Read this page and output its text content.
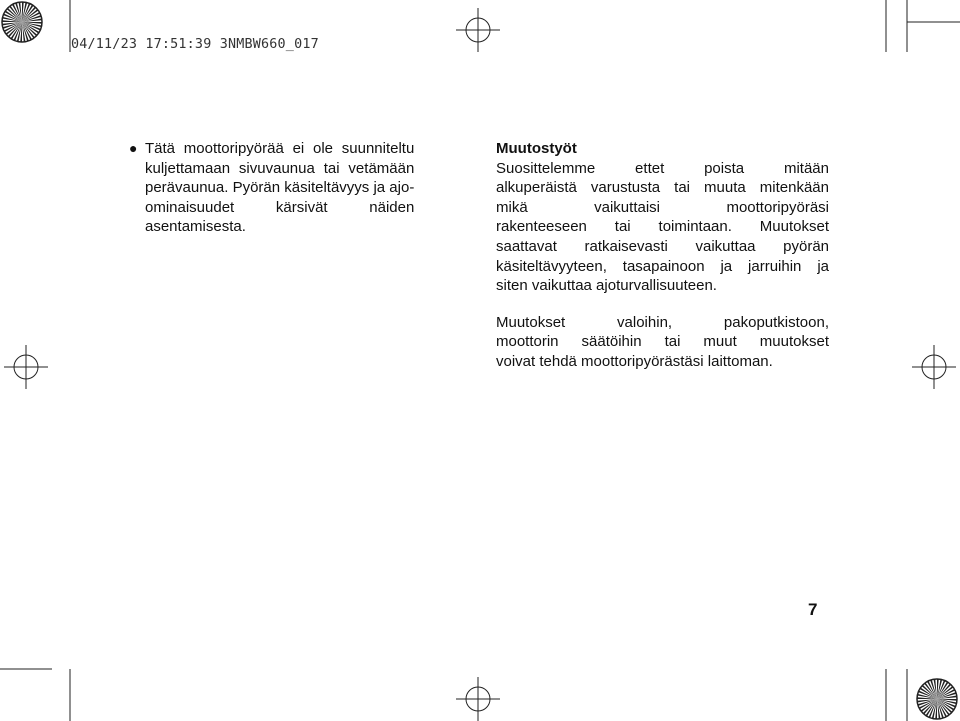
04/11/23 17:51:39 3NMBW660_017
● Tätä moottoripyörää ei ole suunniteltu
kuljettamaan sivuvaunua tai vetämään
perävaunua. Pyörän käsiteltävyys ja ajo-
ominaisuudet kärsivät näiden
asentamisesta.
Muutostyöt
Suosittelemme ettet poista mitään
alkuperäistä varustusta tai muuta mitenkään
mikä vaikuttaisi moottoripyöräsi
rakenteeseen tai toimintaan. Muutokset
saattavat ratkaisevasti vaikuttaa pyörän
käsiteltävyyteen, tasapainoon ja jarruihin ja
siten vaikuttaa ajoturvallisuuteen.
Muutokset valoihin, pakoputkistoon,
moottorin säätöihin tai muut muutokset
voivat tehdä moottoripyörästäsi laittoman.
7
